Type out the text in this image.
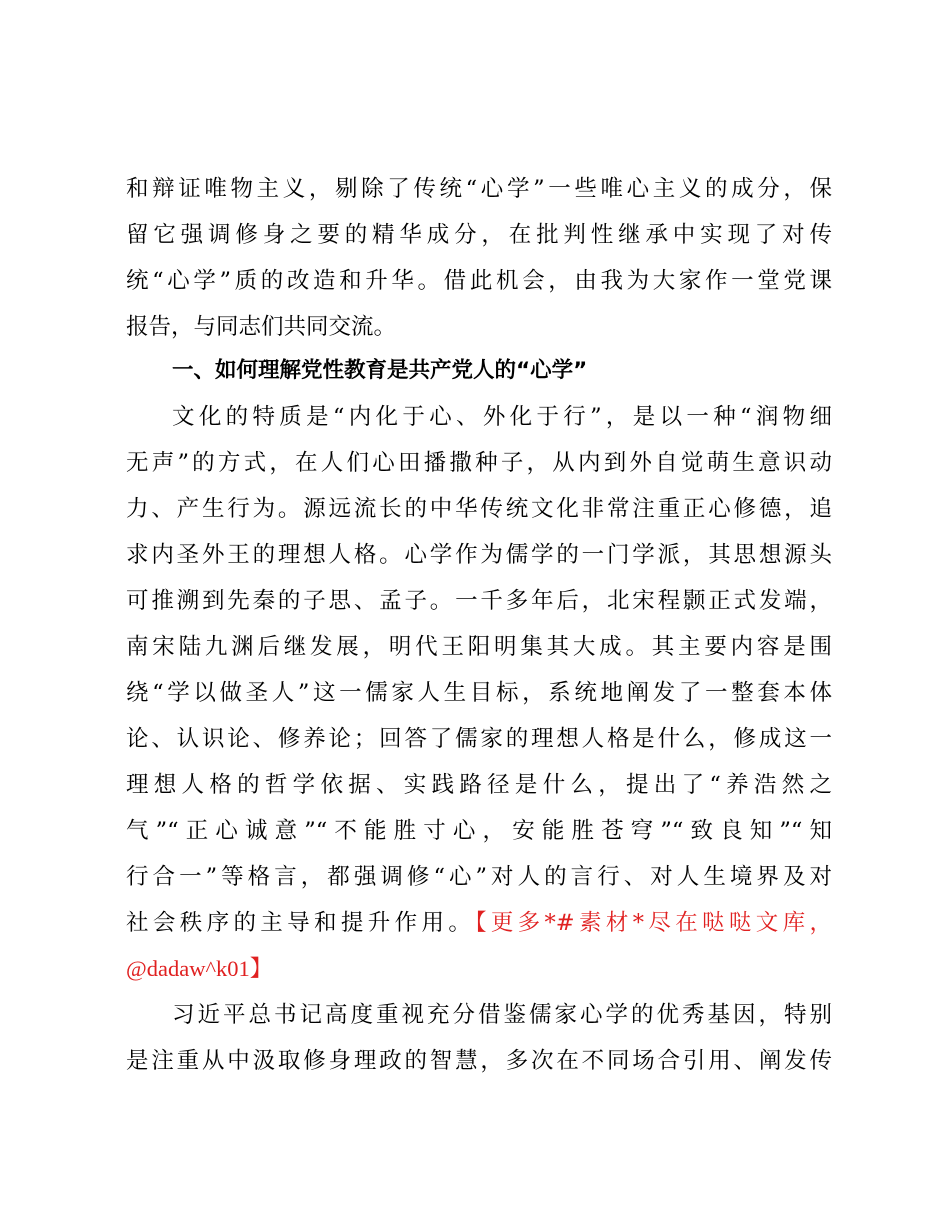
和辩证唯物主义，剔除了传统“心学”一些唯心主义的成分，保
留它强调修身之要的精华成分，在批判性继承中实现了对传
统“心学”质的改造和升华。借此机会，由我为大家作一堂党课
报告，与同志们共同交流。
一、如何理解党性教育是共产党人的“心学”
文化的特质是“内化于心、外化于行”，是以一种“润物细
无声”的方式，在人们心田播撒种子，从内到外自觉萌生意识动
力、产生行为。源远流长的中华传统文化非常注重正心修德，追
求内圣外王的理想人格。心学作为儒学的一门学派，其思想源头
可推溯到先秦的子思、孟子。一千多年后，北宋程颢正式发端，
南宋陆九渊后继发展，明代王阳明集其大成。其主要内容是围
绕“学以做圣人”这一儒家人生目标，系统地阐发了一整套本体
论、认识论、修养论；回答了儒家的理想人格是什么，修成这一
理想人格的哲学依据、实践路径是什么，提出了“养浩然之
气”“正心诚意”“不能胜寸心，安能胜苍穹”“致良知”“知
行合一”等格言，都强调修“心”对人的言行、对人生境界及对
社会秩序的主导和提升作用。【更多*#素材*尽在哒哒文库，
@dadaw^k01】
习近平总书记高度重视充分借鉴儒家心学的优秀基因，特别
是注重从中汲取修身理政的智慧，多次在不同场合引用、阐发传
